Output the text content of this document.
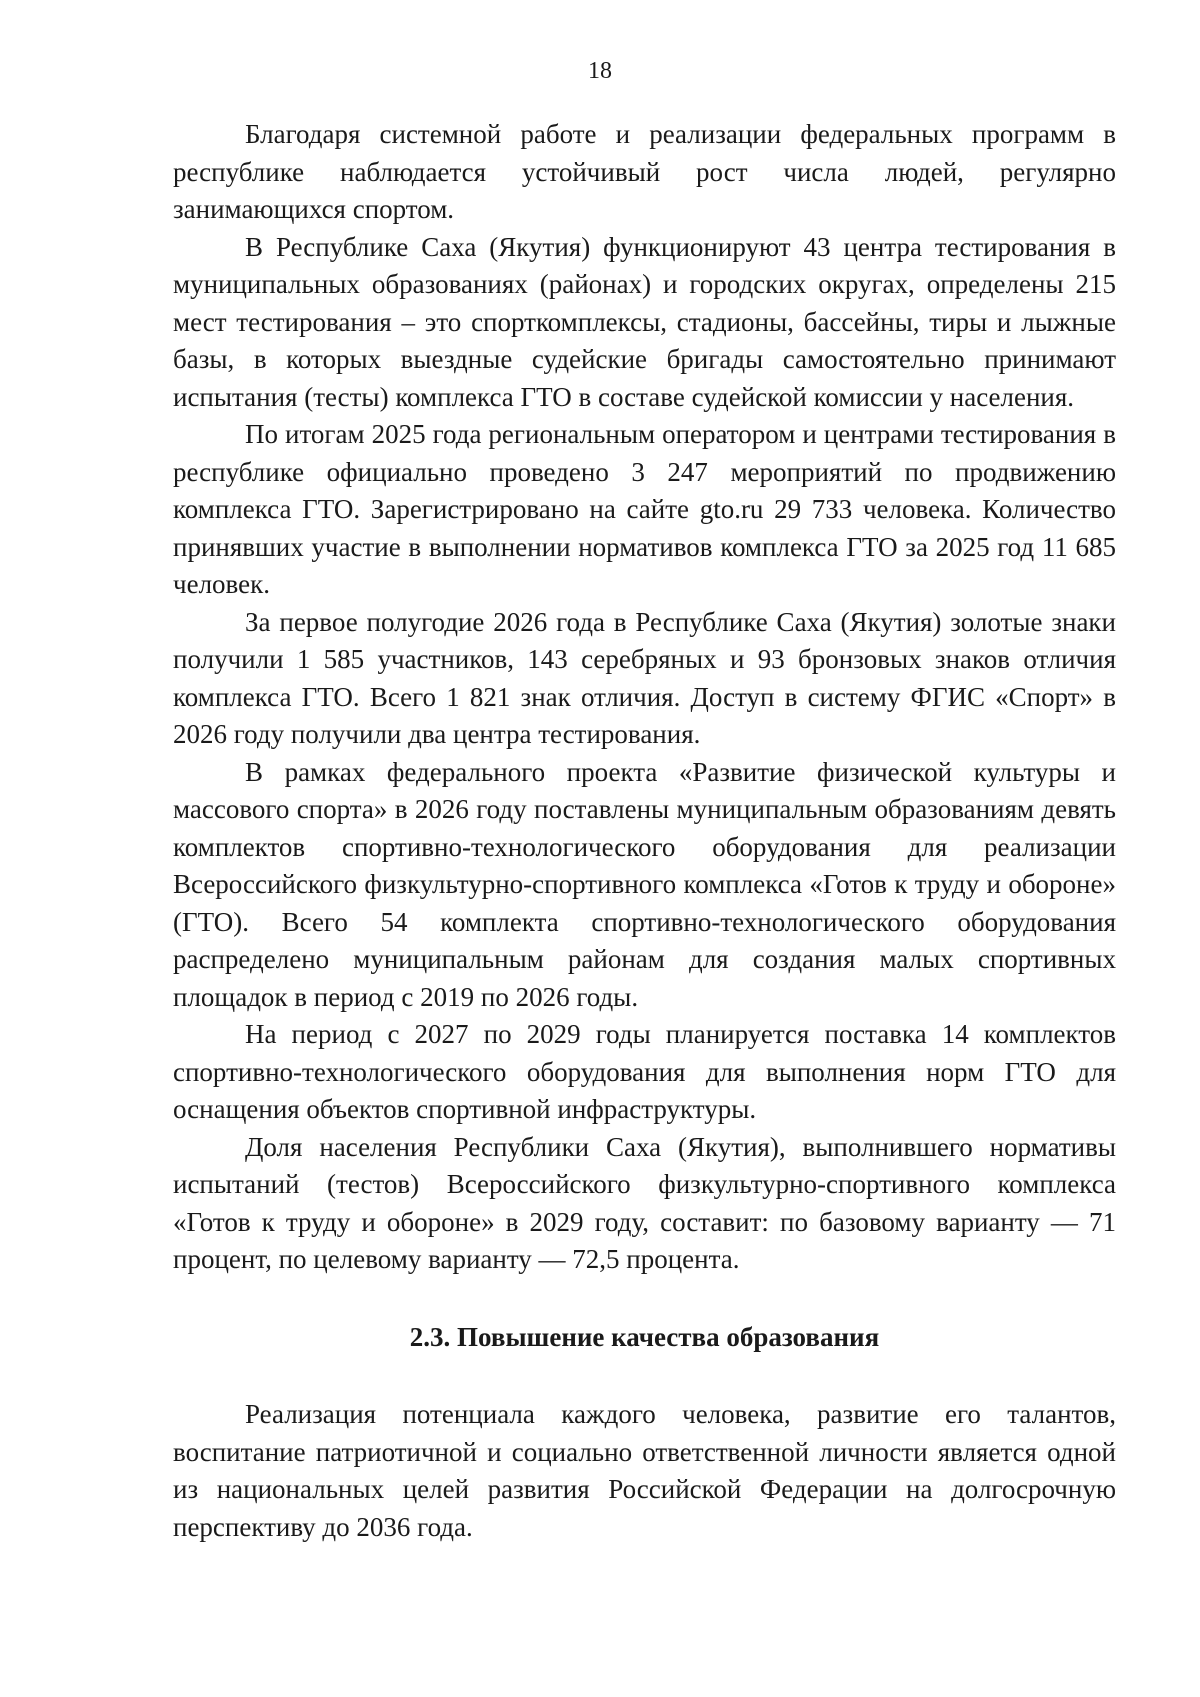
18

Благодаря системной работе и реализации федеральных программ в республике наблюдается устойчивый рост числа людей, регулярно занимающихся спортом.

В Республике Саха (Якутия) функционируют 43 центра тестирования в муниципальных образованиях (районах) и городских округах, определены 215 мест тестирования – это спорткомплексы, стадионы, бассейны, тиры и лыжные базы, в которых выездные судейские бригады самостоятельно принимают испытания (тесты) комплекса ГТО в составе судейской комиссии у населения.

По итогам 2025 года региональным оператором и центрами тестирования в республике официально проведено 3 247 мероприятий по продвижению комплекса ГТО. Зарегистрировано на сайте gto.ru 29 733 человека. Количество принявших участие в выполнении нормативов комплекса ГТО за 2025 год 11 685 человек.

За первое полугодие 2026 года в Республике Саха (Якутия) золотые знаки получили 1 585 участников, 143 серебряных и 93 бронзовых знаков отличия комплекса ГТО. Всего 1 821 знак отличия. Доступ в систему ФГИС «Спорт» в 2026 году получили два центра тестирования.

В рамках федерального проекта «Развитие физической культуры и массового спорта» в 2026 году поставлены муниципальным образованиям девять комплектов спортивно-технологического оборудования для реализации Всероссийского физкультурно-спортивного комплекса «Готов к труду и обороне» (ГТО). Всего 54 комплекта спортивно-технологического оборудования распределено муниципальным районам для создания малых спортивных площадок в период с 2019 по 2026 годы.

На период с 2027 по 2029 годы планируется поставка 14 комплектов спортивно-технологического оборудования для выполнения норм ГТО для оснащения объектов спортивной инфраструктуры.

Доля населения Республики Саха (Якутия), выполнившего нормативы испытаний (тестов) Всероссийского физкультурно-спортивного комплекса «Готов к труду и обороне» в 2029 году, составит: по базовому варианту — 71 процент, по целевому варианту — 72,5 процента.

2.3. Повышение качества образования

Реализация потенциала каждого человека, развитие его талантов, воспитание патриотичной и социально ответственной личности является одной из национальных целей развития Российской Федерации на долгосрочную перспективу до 2036 года.
